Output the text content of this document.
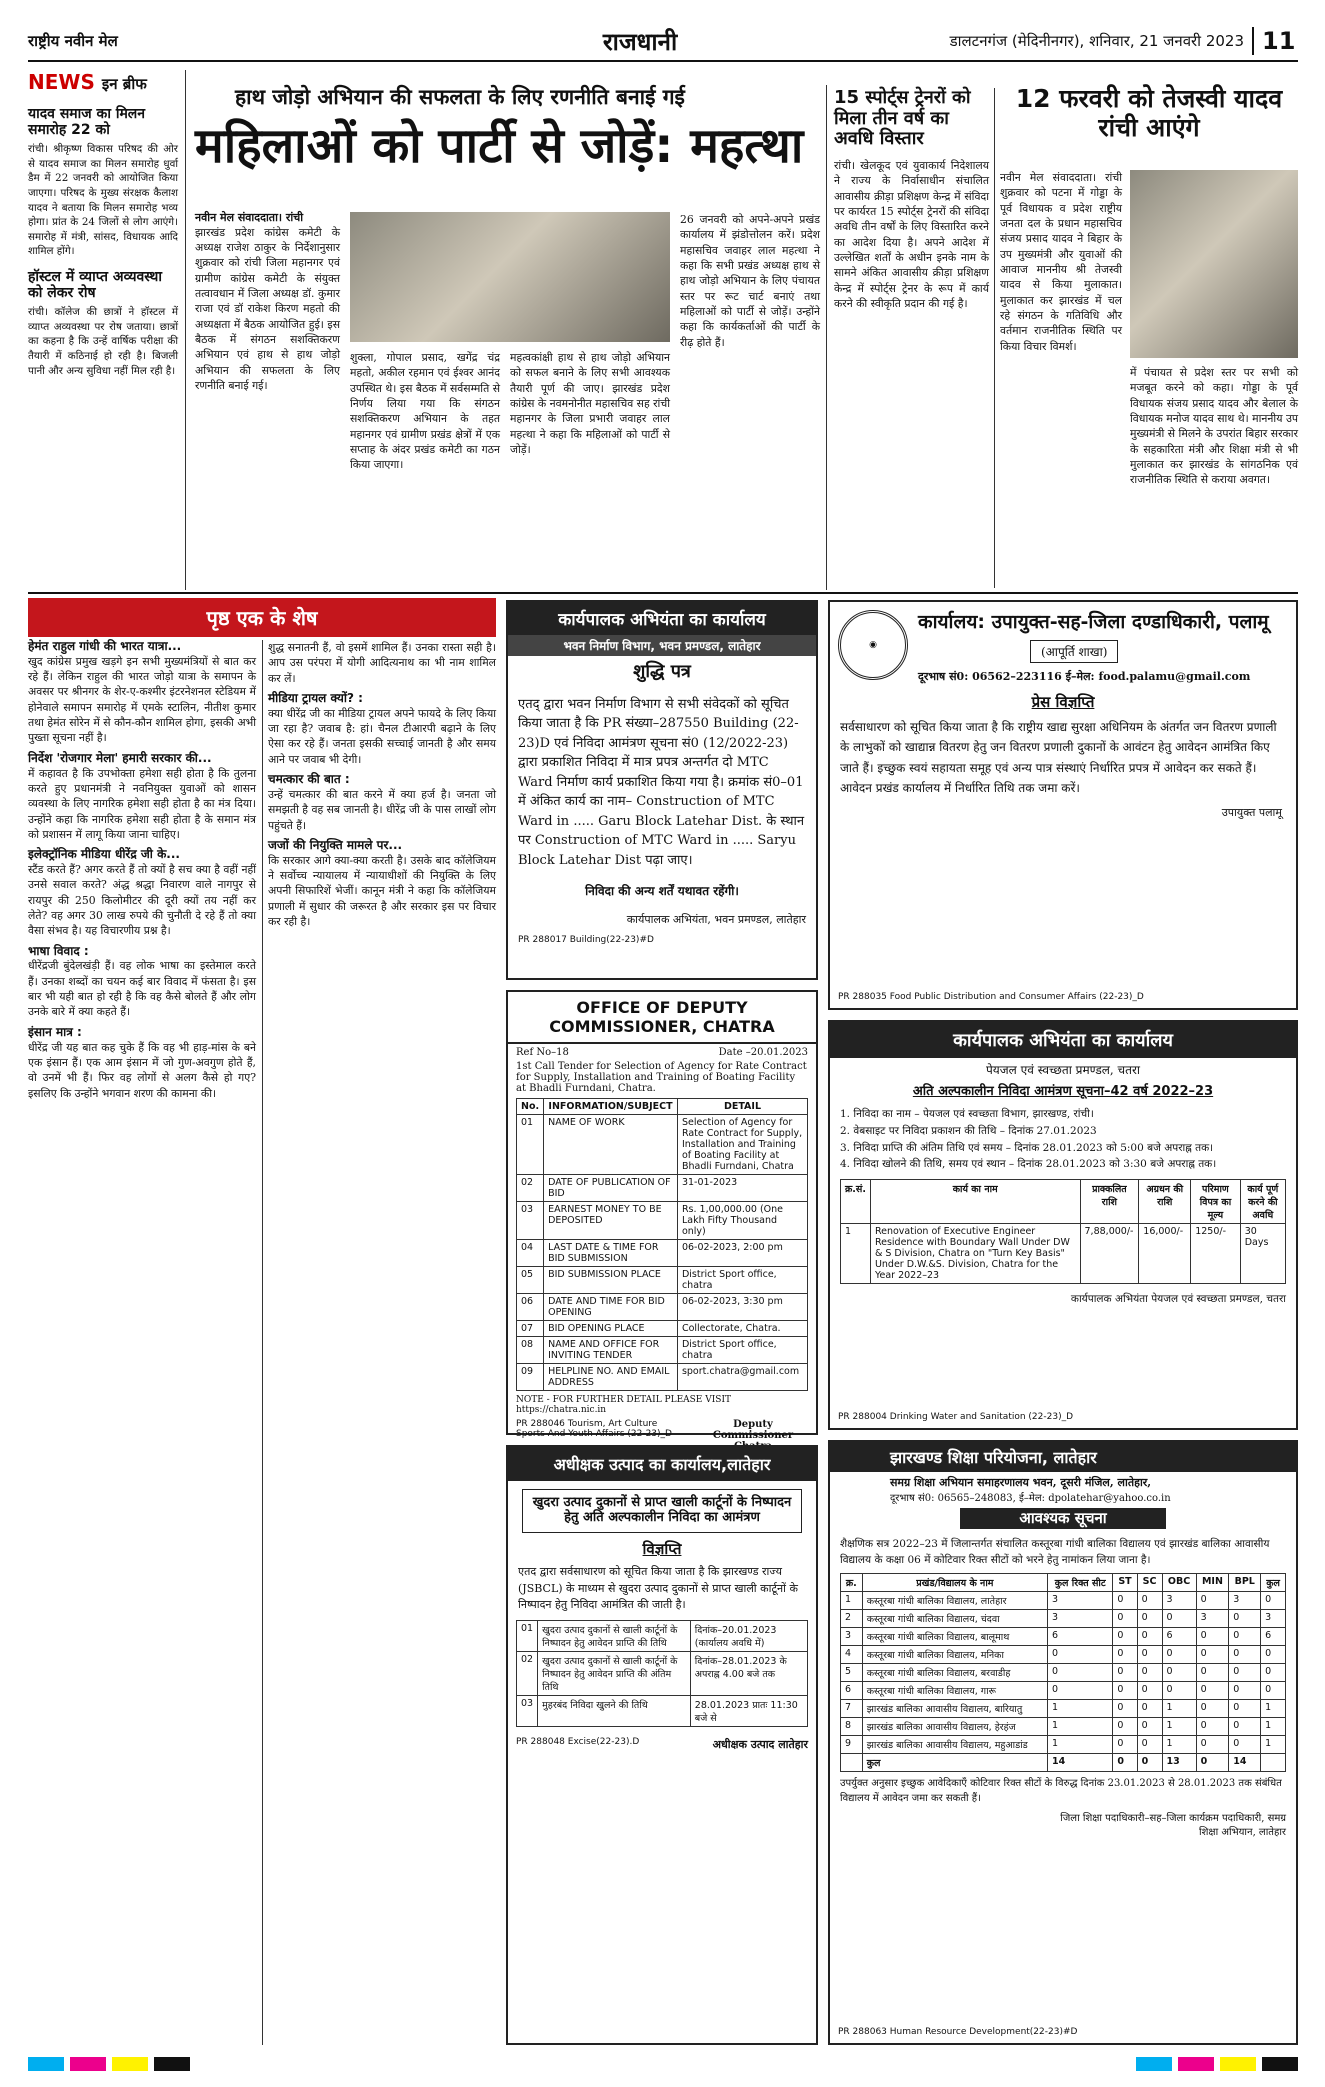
राष्ट्रीय नवीन मेल	राजधानी	डालटनगंज (मेदिनीनगर), शनिवार, 21 जनवरी 2023 11
NEWS इन ब्रीफ
यादव समाज का मिलन समारोह 22 को
रांची। श्रीकृष्ण विकास परिषद की ओर से यादव समाज का मिलन समारोह धुर्वा डैम में 22 जनवरी को आयोजित किया जाएगा। परिषद के मुख्य संरक्षक कैलाश यादव ने बताया कि मिलन समारोह भव्य होगा। प्रांत के 24 जिलों से लोग आएंगे। समारोह में मंत्री, सांसद, विधायक आदि शामिल होंगे।
हॉस्टल में व्याप्त अव्यवस्था को लेकर रोष
रांची। कॉलेज की छात्रों ने हॉस्टल में व्याप्त अव्यवस्था पर रोष जताया। छात्रों का कहना है कि उन्हें वार्षिक परीक्षा की तैयारी में कठिनाई हो रही है। बिजली पानी और अन्य सुविधा नहीं मिल रही है।
हाथ जोड़ो अभियान की सफलता के लिए रणनीति बनाई गई
महिलाओं को पार्टी से जोड़ें: महत्था
नवीन मेल संवाददाता। रांची
झारखंड प्रदेश कांग्रेस कमेटी के अध्यक्ष राजेश ठाकुर के निर्देशानुसार शुक्रवार को रांची जिला महानगर एवं ग्रामीण कांग्रेस कमेटी के संयुक्त तत्वावधान में जिला अध्यक्ष डॉ. कुमार राजा एवं डॉ राकेश किरण महतो की अध्यक्षता में बैठक आयोजित हुई। इस बैठक में संगठन सशक्तिकरण अभियान एवं हाथ से हाथ जोड़ो अभियान की सफलता के लिए रणनीति बनाई गई।
शुक्ला, गोपाल प्रसाद, खगेंद्र चंद्र महतो, अकील रहमान एवं ईश्वर आनंद उपस्थित थे। इस बैठक में सर्वसम्मति से निर्णय लिया गया कि संगठन सशक्तिकरण अभियान के तहत महानगर एवं ग्रामीण प्रखंड क्षेत्रों में एक सप्ताह के अंदर प्रखंड कमेटी का गठन किया जाएगा।
महत्वकांक्षी हाथ से हाथ जोड़ो अभियान को सफल बनाने के लिए सभी आवश्यक तैयारी पूर्ण की जाए। झारखंड प्रदेश कांग्रेस के नवमनोनीत महासचिव सह रांची महानगर के जिला प्रभारी जवाहर लाल महत्था ने कहा कि महिलाओं को पार्टी से जोड़ें।
26 जनवरी को अपने-अपने प्रखंड कार्यालय में झंडोत्तोलन करें। प्रदेश महासचिव जवाहर लाल महत्था ने कहा कि सभी प्रखंड अध्यक्ष हाथ से हाथ जोड़ो अभियान के लिए पंचायत स्तर पर रूट चार्ट बनाएं तथा महिलाओं को पार्टी से जोड़ें। उन्होंने कहा कि कार्यकर्ताओं की पार्टी के रीढ़ होते हैं।
15 स्पोर्ट्स ट्रेनरों को मिला तीन वर्ष का अवधि विस्तार
रांची। खेलकूद एवं युवाकार्य निदेशालय ने राज्य के निर्वासाधीन संचालित आवासीय क्रीड़ा प्रशिक्षण केन्द्र में संविदा पर कार्यरत 15 स्पोर्ट्स ट्रेनरों की संविदा अवधि तीन वर्षों के लिए विस्तारित करने का आदेश दिया है। अपने आदेश में उल्लेखित शर्तों के अधीन इनके नाम के सामने अंकित आवासीय क्रीड़ा प्रशिक्षण केन्द्र में स्पोर्ट्स ट्रेनर के रूप में कार्य करने की स्वीकृति प्रदान की गई है।
12 फरवरी को तेजस्वी यादव रांची आएंगे
नवीन मेल संवाददाता। रांची शुक्रवार को पटना में गोड्डा के पूर्व विधायक व प्रदेश राष्ट्रीय जनता दल के प्रधान महासचिव संजय प्रसाद यादव ने बिहार के उप मुख्यमंत्री और युवाओं की आवाज माननीय श्री तेजस्वी यादव से किया मुलाकात। मुलाकात कर झारखंड में चल रहे संगठन के गतिविधि और वर्तमान राजनीतिक स्थिति पर किया विचार विमर्श।
में पंचायत से प्रदेश स्तर पर सभी को मजबूत करने को कहा। गोड्डा के पूर्व विधायक संजय प्रसाद यादव और बेलाल के विधायक मनोज यादव साथ थे। माननीय उप मुख्यमंत्री से मिलने के उपरांत बिहार सरकार के सहकारिता मंत्री और शिक्षा मंत्री से भी मुलाकात कर झारखंड के सांगठनिक एवं राजनीतिक स्थिति से कराया अवगत।
पृष्ठ एक के शेष
हेमंत राहुल गांधी की भारत यात्रा...
खुद कांग्रेस प्रमुख खड़गे इन सभी मुख्यमंत्रियों से बात कर रहे हैं। लेकिन राहुल की भारत जोड़ो यात्रा के समापन के अवसर पर श्रीनगर के शेर-ए-कश्मीर इंटरनेशनल स्टेडियम में होनेवाले समापन समारोह में एमके स्टालिन, नीतीश कुमार तथा हेमंत सोरेन में से कौन-कौन शामिल होगा, इसकी अभी पुख्ता सूचना नहीं है।
निर्देश 'रोजगार मेला' हमारी सरकार की...
में कहावत है कि उपभोक्ता हमेशा सही होता है कि तुलना करते हुए प्रधानमंत्री ने नवनियुक्त युवाओं को शासन व्यवस्था के लिए नागरिक हमेशा सही होता है का मंत्र दिया। उन्होंने कहा कि नागरिक हमेशा सही होता है के समान मंत्र को प्रशासन में लागू किया जाना चाहिए।
इलेक्ट्रॉनिक मीडिया धीरेंद्र जी के...
स्टैंड करते हैं? अगर करते हैं तो क्यों है सच क्या है वहीं नहीं उनसे सवाल करते? अंद्ध श्रद्धा निवारण वाले नागपुर से रायपुर की 250 किलोमीटर की दूरी क्यों तय नहीं कर लेते? वह अगर 30 लाख रुपये की चुनौती दे रहे हैं तो क्या वैसा संभव है। यह विचारणीय प्रश्न है।
भाषा विवाद :
धीरेंद्रजी बुंदेलखंड़ी हैं। वह लोक भाषा का इस्तेमाल करते हैं। उनका शब्दों का चयन कई बार विवाद में फंसता है। इस बार भी यही बात हो रही है कि वह कैसे बोलते हैं और लोग उनके बारे में क्या कहते हैं।
इंसान मात्र :
धीरेंद्र जी यह बात कह चुके हैं कि वह भी हाड़-मांस के बने एक इंसान हैं। एक आम इंसान में जो गुण-अवगुण होते हैं, वो उनमें भी हैं। फिर वह लोगों से अलग कैसे हो गए? इसलिए कि उन्होंने भगवान शरण की कामना की।
शुद्ध सनातनी हैं, वो इसमें शामिल हैं। उनका रास्ता सही है। आप उस परंपरा में योगी आदित्यनाथ का भी नाम शामिल कर लें।
मीडिया ट्रायल क्यों? :
क्या धीरेंद्र जी का मीडिया ट्रायल अपने फायदे के लिए किया जा रहा है? जवाब है: हां। चैनल टीआरपी बढ़ाने के लिए ऐसा कर रहे हैं। जनता इसकी सच्चाई जानती है और समय आने पर जवाब भी देगी।
चमत्कार की बात :
उन्हें चमत्कार की बात करने में क्या हर्ज है। जनता जो समझती है वह सब जानती है। धीरेंद्र जी के पास लाखों लोग पहुंचते हैं।
जजों की नियुक्ति मामले पर...
कि सरकार आगे क्या-क्या करती है। उसके बाद कॉलेजियम ने सर्वोच्च न्यायालय में न्यायाधीशों की नियुक्ति के लिए अपनी सिफारिशें भेजीं। कानून मंत्री ने कहा कि कॉलेजियम प्रणाली में सुधार की जरूरत है और सरकार इस पर विचार कर रही है।
कार्यपालक अभियंता का कार्यालय
भवन निर्माण विभाग, भवन प्रमण्डल, लातेहार
शुद्धि पत्र
एतद् द्वारा भवन निर्माण विभाग से सभी संवेदकों को सूचित किया जाता है कि PR संख्या–287550 Building (22-23)D एवं निविदा आमंत्रण सूचना सं0 (12/2022-23) द्वारा प्रकाशित निविदा में मात्र प्रपत्र अन्तर्गत दो MTC Ward निर्माण कार्य प्रकाशित किया गया है। क्रमांक सं0–01 में अंकित कार्य का नाम– Construction of MTC Ward in ..... Garu Block Latehar Dist. के स्थान पर Construction of MTC Ward in ..... Saryu Block Latehar Dist पढ़ा जाए।
निविदा की अन्य शर्तें यथावत रहेंगी।
कार्यपालक अभियंता, भवन प्रमण्डल, लातेहार
PR 288017 Building(22-23)#D
OFFICE OF DEPUTY COMMISSIONER, CHATRA
Ref No–18	Date –20.01.2023
1st Call Tender for Selection of Agency for Rate Contract for Supply, Installation and Training of Boating Facility at Bhadli Furndani, Chatra.
No.	INFORMATION/SUBJECT	DETAIL
01	NAME OF WORK	Selection of Agency for Rate Contract for Supply, Installation and Training of Boating Facility at Bhadli Furndani, Chatra
02	DATE OF PUBLICATION OF BID	31-01-2023
03	EARNEST MONEY TO BE DEPOSITED	Rs. 1,00,000.00 (One Lakh Fifty Thousand only)
04	LAST DATE & TIME FOR BID SUBMISSION	06-02-2023, 2:00 pm
05	BID SUBMISSION PLACE	District Sport office, chatra
06	DATE AND TIME FOR BID OPENING	06-02-2023, 3:30 pm
07	BID OPENING PLACE	Collectorate, Chatra.
08	NAME AND OFFICE FOR INVITING TENDER	District Sport office, chatra
09	HELPLINE NO. AND EMAIL ADDRESS	sport.chatra@gmail.com
NOTE - FOR FURTHER DETAIL PLEASE VISIT https://chatra.nic.in
PR 288046 Tourism, Art Culture Sports And Youth Affairs (22-23)_D
Deputy Commissioner
अधीक्षक उत्पाद का कार्यालय,लातेहार
खुदरा उत्पाद दुकानों से प्राप्त खाली कार्टूनों के निष्पादन हेतु अति अल्पकालीन निविदा का आमंत्रण
विज्ञप्ति
एतद द्वारा सर्वसाधारण को सूचित किया जाता है कि झारखण्ड राज्य (JSBCL) के माध्यम से खुदरा उत्पाद दुकानों से प्राप्त खाली कार्टूनों के निष्पादन हेतु निविदा आमंत्रित की जाती है।
01	खुदरा उत्पाद दुकानों से खाली कार्टूनों के निष्पादन हेतु आवेदन प्राप्ति की तिथि	दिनांक–20.01.2023 (कार्यालय अवधि में)
02	खुदरा उत्पाद दुकानों से खाली कार्टूनों के निष्पादन हेतु आवेदन प्राप्ति की अंतिम तिथि	दिनांक–28.01.2023 के अपराह्न 4.00 बजे तक
03	मुहरबंद निविदा खुलने की तिथि	28.01.2023 प्रातः 11:30 बजे से
PR 288048 Excise(22-23).D	अधीक्षक उत्पाद लातेहार
◉
कार्यालय: उपायुक्त-सह-जिला दण्डाधिकारी, पलामू
(आपूर्ति शाखा)
दूरभाष सं0: 06562–223116 ई–मेल: food.palamu@gmail.com
प्रेस विज्ञप्ति
सर्वसाधारण को सूचित किया जाता है कि राष्ट्रीय खाद्य सुरक्षा अधिनियम के अंतर्गत जन वितरण प्रणाली के लाभुकों को खाद्यान्न वितरण हेतु जन वितरण प्रणाली दुकानों के आवंटन हेतु आवेदन आमंत्रित किए जाते हैं। इच्छुक स्वयं सहायता समूह एवं अन्य पात्र संस्थाएं निर्धारित प्रपत्र में आवेदन कर सकते हैं। आवेदन प्रखंड कार्यालय में निर्धारित तिथि तक जमा करें।
उपायुक्त पलामू
PR 288035 Food Public Distribution and Consumer Affairs (22-23)_D
कार्यपालक अभियंता का कार्यालय
पेयजल एवं स्वच्छता प्रमण्डल, चतरा
अति अल्पकालीन निविदा आमंत्रण सूचना–42 वर्ष 2022–23
1. निविदा का नाम – पेयजल एवं स्वच्छता विभाग, झारखण्ड, रांची।
2. वेबसाइट पर निविदा प्रकाशन की तिथि – दिनांक 27.01.2023
3. निविदा प्राप्ति की अंतिम तिथि एवं समय – दिनांक 28.01.2023 को 5:00 बजे अपराह्न तक।
4. निविदा खोलने की तिथि, समय एवं स्थान – दिनांक 28.01.2023 को 3:30 बजे अपराह्न तक।
क्र.सं.	कार्य का नाम	प्राक्कलित राशि	अग्रधन की राशि	परिमाण विपत्र का मूल्य	कार्य पूर्ण करने की अवधि
1	Renovation of Executive Engineer Residence with Boundary Wall Under DW & S Division, Chatra on "Turn Key Basis" Under D.W.&S. Division, Chatra for the Year 2022–23	7,88,000/-	16,000/-	1250/-	30 Days
कार्यपालक अभियंता पेयजल एवं स्वच्छता प्रमण्डल, चतरा
PR 288004 Drinking Water and Sanitation (22-23)_D
झारखण्ड शिक्षा परियोजना, लातेहार
समग्र शिक्षा अभियान समाहरणालय भवन, दूसरी मंजिल, लातेहार,
दूरभाष सं0: 06565–248083, ई–मेल: dpolatehar@yahoo.co.in
आवश्यक सूचना
शैक्षणिक सत्र 2022–23 में जिलान्तर्गत संचालित कस्तूरबा गांधी बालिका विद्यालय एवं झारखंड बालिका आवासीय विद्यालय के कक्षा 06 में कोटिवार रिक्त सीटों को भरने हेतु नामांकन लिया जाना है।
क्र.	प्रखंड/विद्यालय के नाम	कुल रिक्त सीट	ST	SC	OBC	MIN	BPL	कुल
1	कस्तूरबा गांधी बालिका विद्यालय, लातेहार	3	0	0	3	0	3	0
2	कस्तूरबा गांधी बालिका विद्यालय, चंदवा	3	0	0	0	3	0	3
3	कस्तूरबा गांधी बालिका विद्यालय, बालूमाथ	6	0	0	6	0	0	6
4	कस्तूरबा गांधी बालिका विद्यालय, मनिका	0	0	0	0	0	0	0
5	कस्तूरबा गांधी बालिका विद्यालय, बरवाडीह	0	0	0	0	0	0	0
6	कस्तूरबा गांधी बालिका विद्यालय, गारू	0	0	0	0	0	0	0
7	झारखंड बालिका आवासीय विद्यालय, बारियातु	1	0	0	1	0	0	1
8	झारखंड बालिका आवासीय विद्यालय, हेरहंज	1	0	0	1	0	0	1
9	झारखंड बालिका आवासीय विद्यालय, महुआडांड	1	0	0	1	0	0	1
	कुल	14	0	0	13	0	14	
उपर्युक्त अनुसार इच्छुक आवेदिकाएँ कोटिवार रिक्त सीटों के विरुद्ध दिनांक 23.01.2023 से 28.01.2023 तक संबंधित विद्यालय में आवेदन जमा कर सकती हैं।
जिला शिक्षा पदाधिकारी–सह–जिला कार्यक्रम पदाधिकारी, समग्र शिक्षा अभियान, लातेहार
PR 288063 Human Resource Development(22-23)#D
